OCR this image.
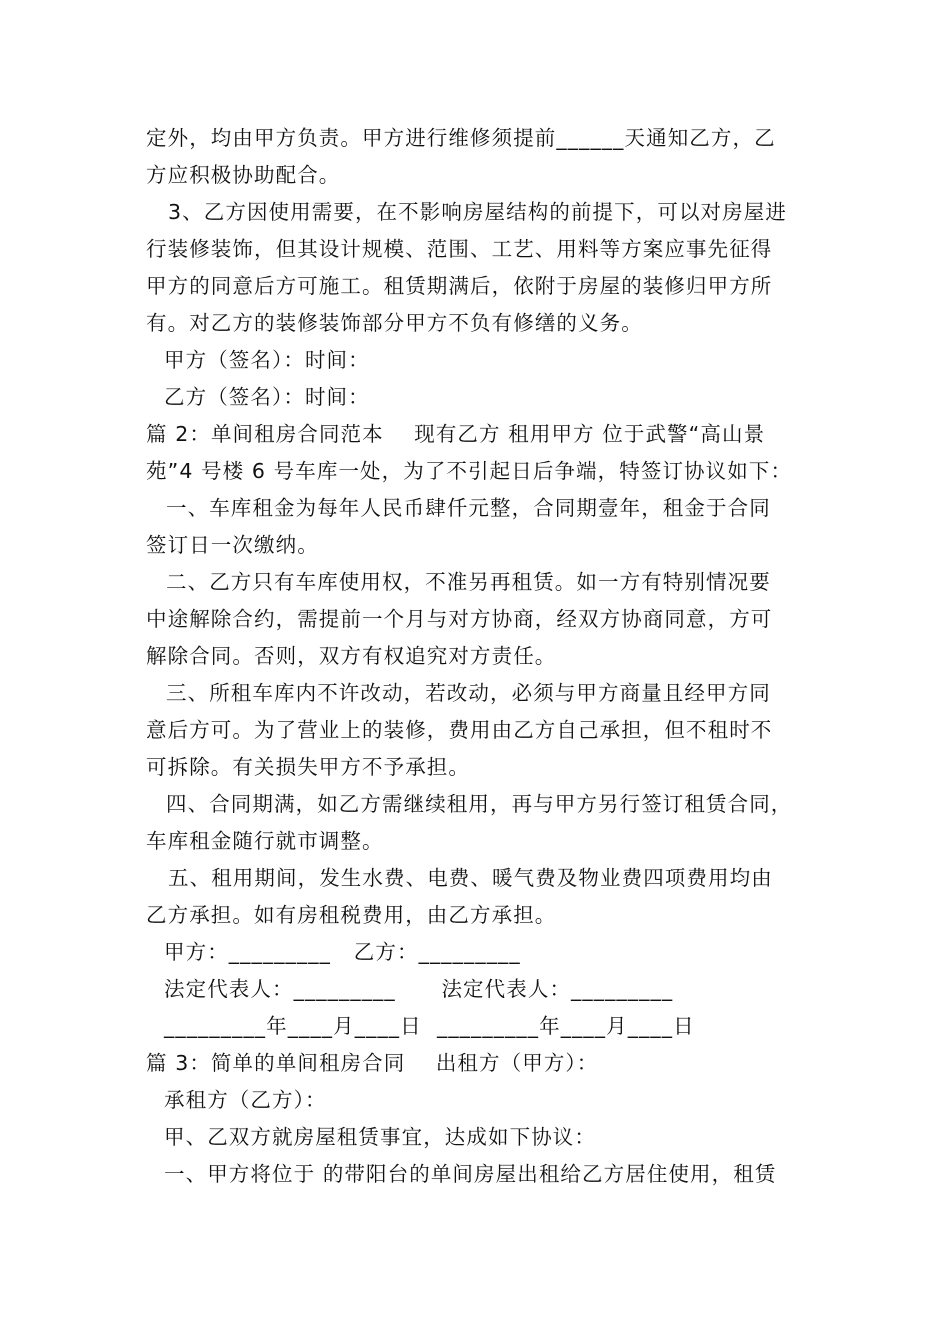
定外，均由甲方负责。甲方进行维修须提前______天通知乙方，乙
方应积极协助配合。
3、乙方因使用需要，在不影响房屋结构的前提下，可以对房屋进
行装修装饰，但其设计规模、范围、工艺、用料等方案应事先征得
甲方的同意后方可施工。租赁期满后，依附于房屋的装修归甲方所
有。对乙方的装修装饰部分甲方不负有修缮的义务。
甲方（签名）：时间：
乙方（签名）：时间：
篇 2：单间租房合同范本    现有乙方 租用甲方 位于武警“高山景
苑”4 号楼 6 号车库一处，为了不引起日后争端，特签订协议如下：
一、车库租金为每年人民币肆仟元整，合同期壹年，租金于合同
签订日一次缴纳。
二、乙方只有车库使用权，不准另再租赁。如一方有特别情况要
中途解除合约，需提前一个月与对方协商，经双方协商同意，方可
解除合同。否则，双方有权追究对方责任。
三、所租车库内不许改动，若改动，必须与甲方商量且经甲方同
意后方可。为了营业上的装修，费用由乙方自己承担，但不租时不
可拆除。有关损失甲方不予承担。
四、合同期满，如乙方需继续租用，再与甲方另行签订租赁合同，
车库租金随行就市调整。
五、租用期间，发生水费、电费、暖气费及物业费四项费用均由
乙方承担。如有房租税费用，由乙方承担。
甲方：_________   乙方：_________
法定代表人：_________      法定代表人：_________
_________年____月____日  _________年____月____日
篇 3：简单的单间租房合同    出租方（甲方）：
承租方（乙方）：
甲、乙双方就房屋租赁事宜，达成如下协议：
一、甲方将位于 的带阳台的单间房屋出租给乙方居住使用，租赁
